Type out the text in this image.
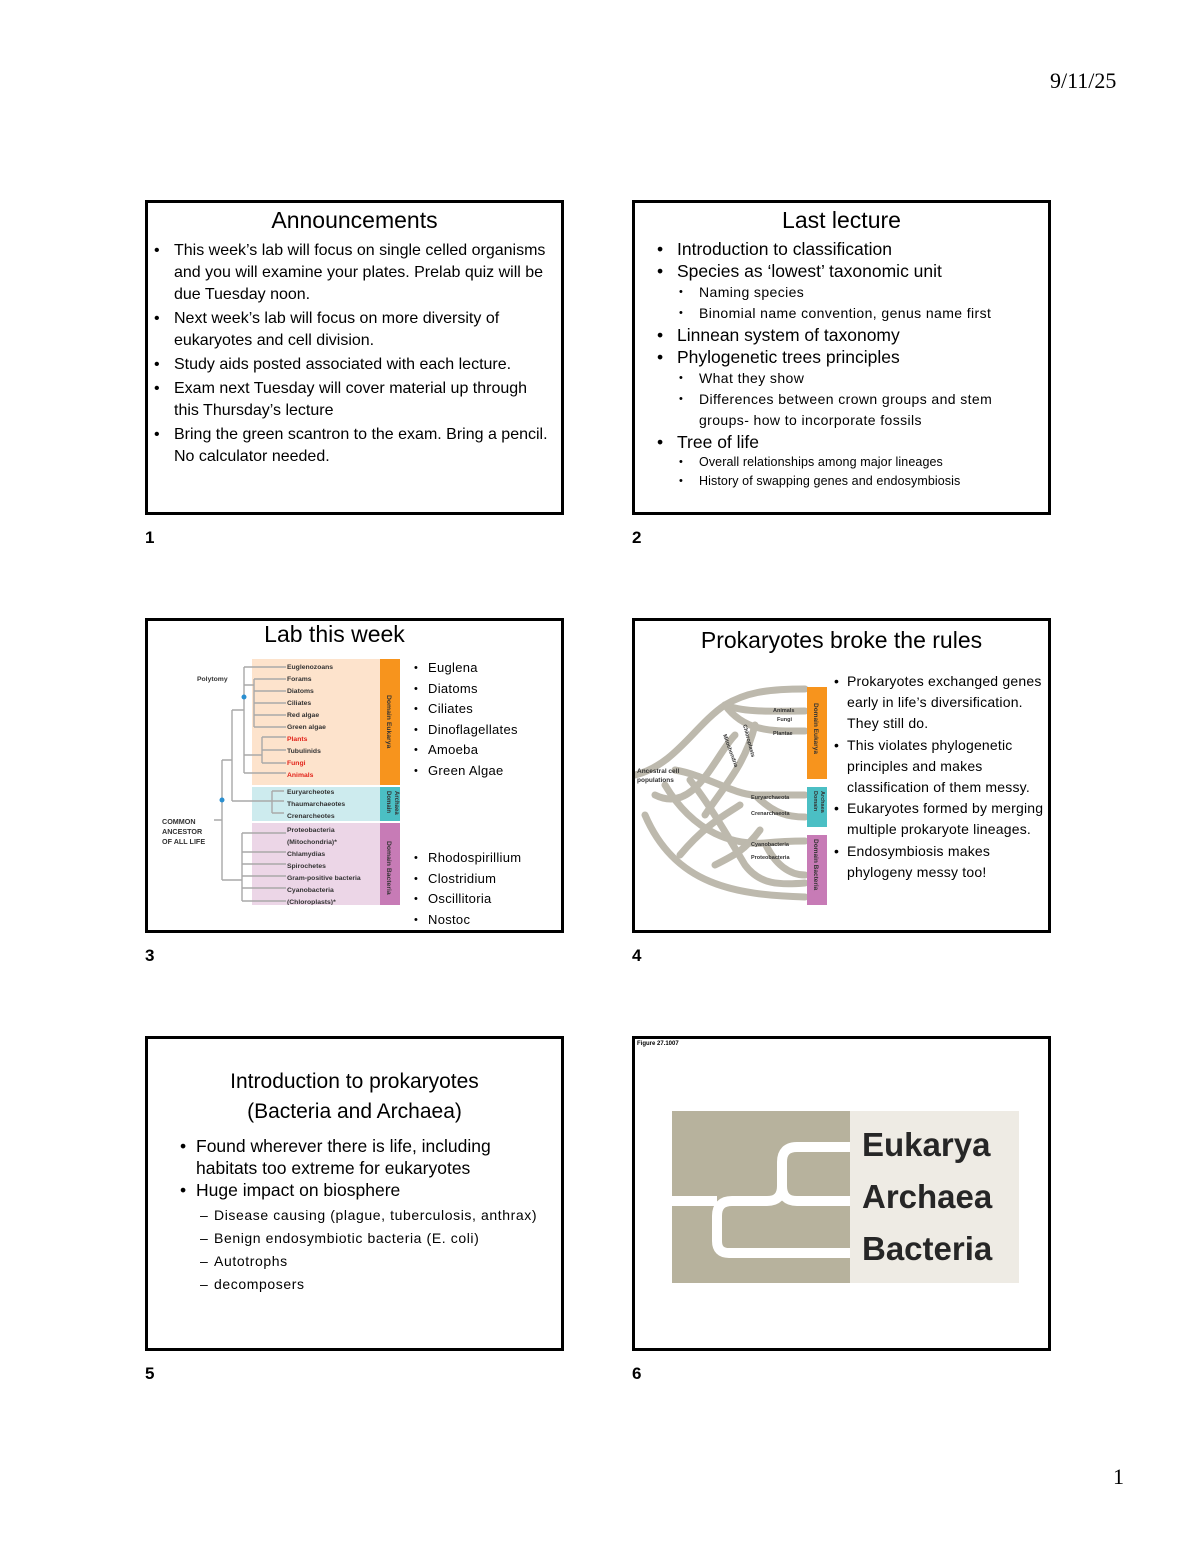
9/11/25
1
Announcements
• This week’s lab will focus on single celled organisms and you will examine your plates. Prelab quiz will be due Tuesday noon.
• Next week’s lab will focus on more diversity of eukaryotes and cell division.
• Study aids posted associated with each lecture.
• Exam next Tuesday will cover material up through this Thursday’s lecture
• Bring the green scantron to the exam. Bring a pencil. No calculator needed.
1
Last lecture
• Introduction to classification
• Species as ‘lowest’ taxonomic unit
• Naming species
• Binomial name convention, genus name first
• Linnean system of taxonomy
• Phylogenetic trees principles
• What they show
• Differences between crown groups and stem groups- how to incorporate fossils
• Tree of life
• Overall relationships among major lineages
• History of swapping genes and endosymbiosis
2
Lab this week
Polytomy
COMMON
ANCESTOR
OF ALL LIFE
Euglenozoans
Forams
Diatoms
Ciliates
Red algae
Green algae
Plants
Tubulinids
Fungi
Animals
Euryarcheotes
Thaumarchaeotes
Crenarcheotes
Proteobacteria
(Mitochondria)*
Chlamydias
Spirochetes
Gram-positive bacteria
Cyanobacteria
(Chloroplasts)*
Domain Eukarya
Domain Archaea
Domain Bacteria
• Euglena
• Diatoms
• Ciliates
• Dinoflagellates
• Amoeba
• Green Algae
• Rhodospirillium
• Clostridium
• Oscillitoria
• Nostoc
3
Prokaryotes broke the rules
Ancestral cell
populations
Animals
Fungi
Plantae
Mitochondria Chloroplasts
Euryarchaeota
Crenarchaeota
Cyanobacteria
Proteobacteria
Domain Eukarya
Domain Archaea
Domain Bacteria
• Prokaryotes exchanged genes early in life’s diversification. They still do.
• This violates phylogenetic principles and makes classification of them messy.
• Eukaryotes formed by merging multiple prokaryote lineages.
• Endosymbiosis makes phylogeny messy too!
4
Introduction to prokaryotes
(Bacteria and Archaea)
• Found wherever there is life, including habitats too extreme for eukaryotes
• Huge impact on biosphere
– Disease causing (plague, tuberculosis, anthrax)
– Benign endosymbiotic bacteria (E. coli)
– Autotrophs
– decomposers
5
Figure 27.1007
Eukarya
Archaea
Bacteria
6
